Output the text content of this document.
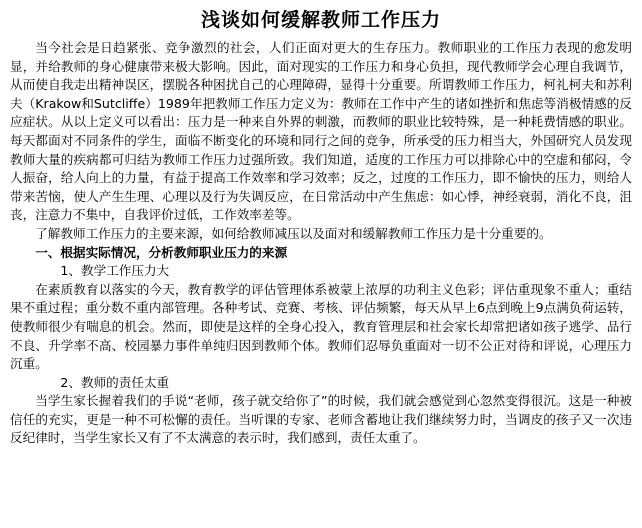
浅谈如何缓解教师工作压力

当今社会是日趋紧张、竞争激烈的社会，人们正面对更大的生存压力。教师职业的工作压力表现的愈发明显，并给教师的身心健康带来极大影响。因此，面对现实的工作压力和身心负担，现代教师学会心理自我调节，从而使自我走出精神误区，摆脱各种困扰自己的心理障碍，显得十分重要。所谓教师工作压力，柯礼柯夫和苏利夫（Krakow和Sutcliffe）1989年把教师工作压力定义为：教师在工作中产生的诸如挫折和焦虑等消极情感的反应症状。从以上定义可以看出：压力是一种来自外界的刺激，而教师的职业比较特殊，是一种耗费情感的职业。每天都面对不同条件的学生，面临不断变化的环境和同行之间的竞争，所承受的压力相当大，外国研究人员发现教师大量的疾病都可归结为教师工作压力过强所致。我们知道，适度的工作压力可以排除心中的空虚和郁闷，令人振奋，给人向上的力量，有益于提高工作效率和学习效率；反之，过度的工作压力，即不愉快的压力，则给人带来苦恼，使人产生生理、心理以及行为失调反应，在日常活动中产生焦虑：如心悸，神经衰弱，消化不良，沮丧，注意力不集中，自我评价过低，工作效率差等。

了解教师工作压力的主要来源，如何给教师减压以及面对和缓解教师工作压力是十分重要的。

一、根据实际情况，分析教师职业压力的来源

1、教学工作压力大

在素质教育以落实的今天，教育教学的评估管理体系被蒙上浓厚的功利主义色彩；评估重现象不重人；重结果不重过程；重分数不重内部管理。各种考试、竞赛、考核、评估频繁，每天从早上6点到晚上9点满负荷运转，使教师很少有喘息的机会。然而，即使是这样的全身心投入，教育管理层和社会家长却常把诸如孩子逃学、品行不良、升学率不高、校园暴力事件单纯归因到教师个体。教师们忍辱负重面对一切不公正对待和评说，心理压力沉重。

2、教师的责任太重

当学生家长握着我们的手说“老师，孩子就交给你了”的时候，我们就会感觉到心忽然变得很沉。这是一种被信任的充实，更是一种不可松懈的责任。当听课的专家、老师含蓄地让我们继续努力时，当调皮的孩子又一次违反纪律时，当学生家长又有了不太满意的表示时，我们感到，责任太重了。
